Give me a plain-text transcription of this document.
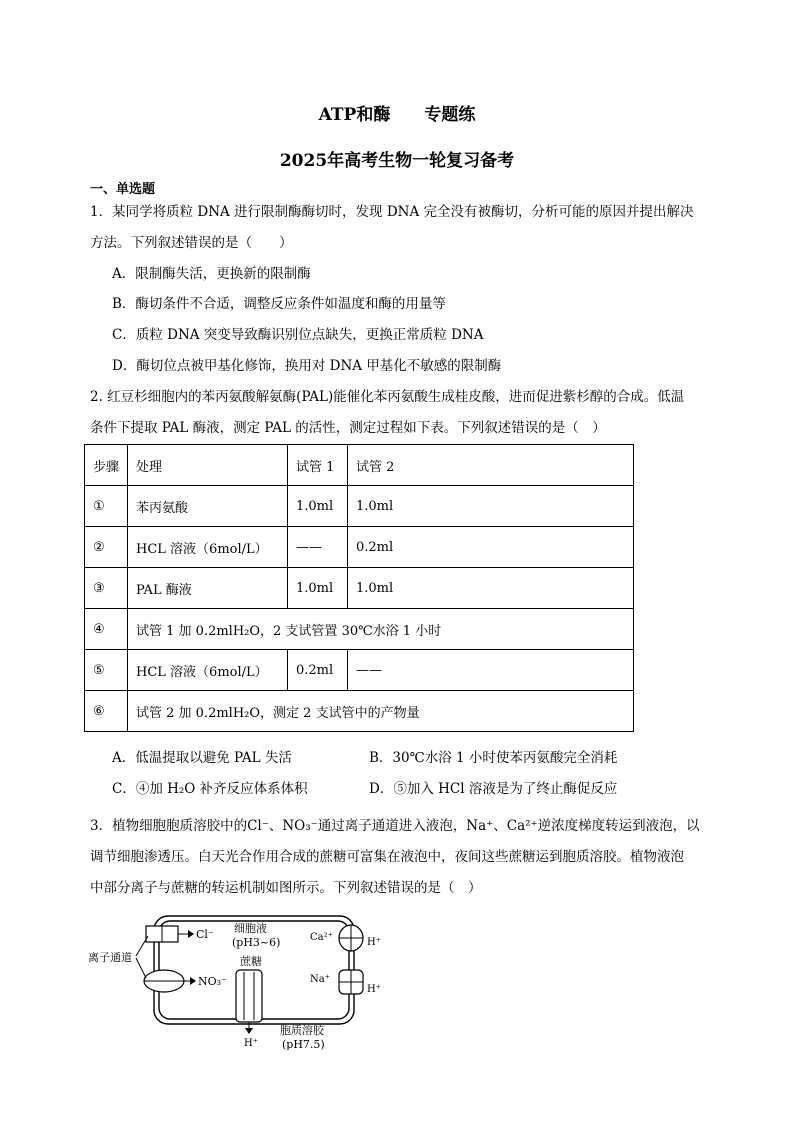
ATP和酶　　 专题练
2025年高考生物一轮复习备考
一、单选题
1．某同学将质粒 DNA 进行限制酶酶切时，发现 DNA 完全没有被酶切，分析可能的原因并提出解决
方法。下列叙述错误的是（　　）
A．限制酶失活，更换新的限制酶
B．酶切条件不合适，调整反应条件如温度和酶的用量等
C．质粒 DNA 突变导致酶识别位点缺失，更换正常质粒 DNA
D．酶切位点被甲基化修饰，换用对 DNA 甲基化不敏感的限制酶
2. 红豆杉细胞内的苯丙氨酸解氨酶(PAL)能催化苯丙氨酸生成桂皮酸，进而促进紫杉醇的合成。低温
条件下提取 PAL 酶液，测定 PAL 的活性，测定过程如下表。下列叙述错误的是（　）
步骤	处理	试管 1	试管 2
①	苯丙氨酸	1.0ml	1.0ml
②	HCL 溶液（6mol/L）	——	0.2ml
③	PAL 酶液	1.0ml	1.0ml
④	试管 1 加 0.2mlH₂O，2 支试管置 30℃水浴 1 小时		
⑤	HCL 溶液（6mol/L）	0.2ml	——
⑥	试管 2 加 0.2mlH₂O，测定 2 支试管中的产物量		
A．低温提取以避免 PAL 失活	B．30℃水浴 1 小时使苯丙氨酸完全消耗
C．④加 H₂O 补齐反应体系体积	D．⑤加入 HCl 溶液是为了终止酶促反应
3．植物细胞胞质溶胶中的Cl⁻、NO₃⁻通过离子通道进入液泡，Na⁺、Ca²⁺逆浓度梯度转运到液泡，以
调节细胞渗透压。白天光合作用合成的蔗糖可富集在液泡中，夜间这些蔗糖运到胞质溶胶。植物液泡
中部分离子与蔗糖的转运机制如图所示。下列叙述错误的是（　）
Cl⁻
NO₃⁻
离子通道
细胞液
(pH3~6)
蔗糖
H⁺
胞质溶胶
(pH7.5)
Ca²⁺	H⁺
Na⁺
H⁺
